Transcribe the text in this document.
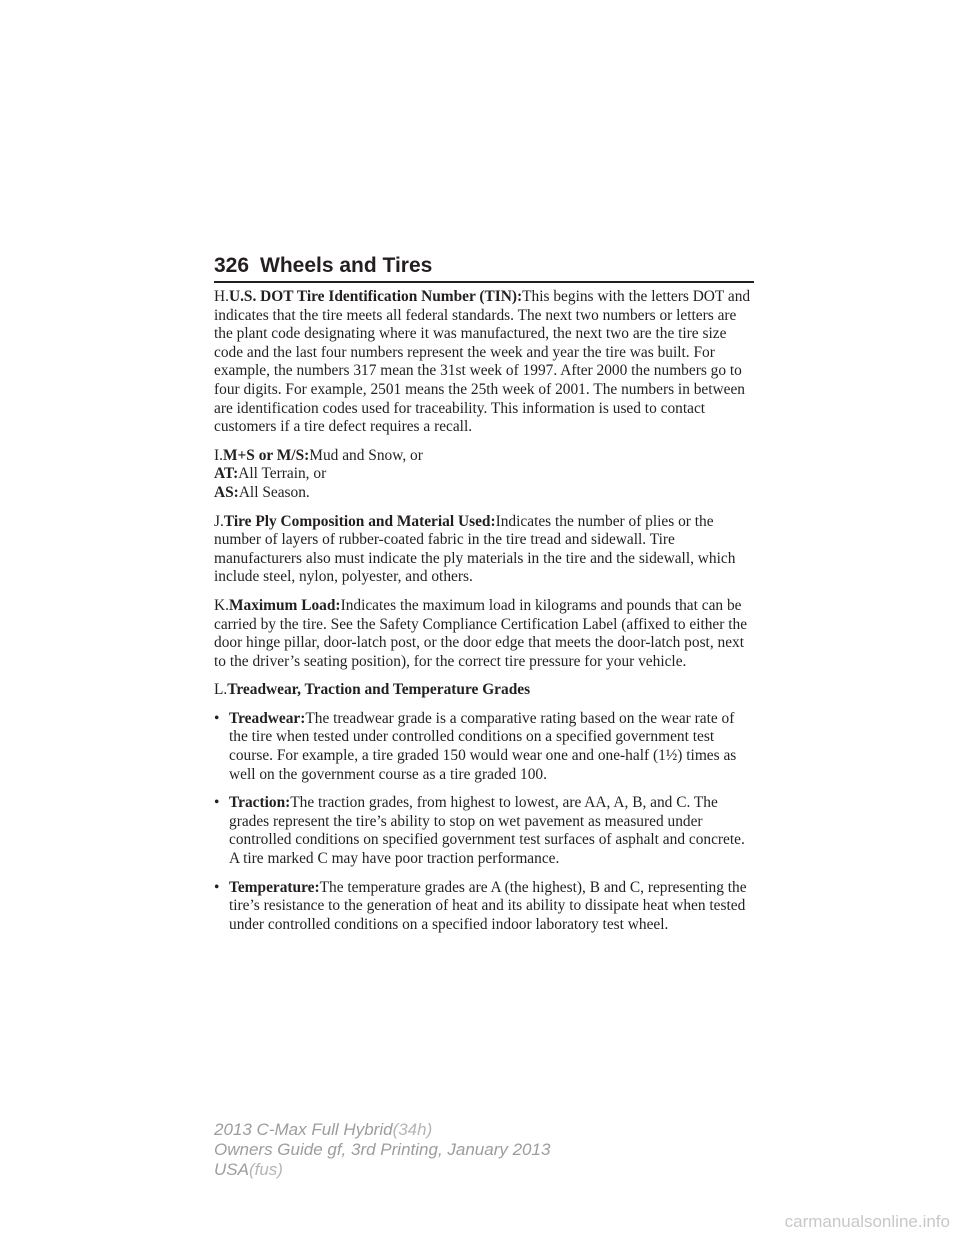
326 Wheels and Tires

H.U.S. DOT Tire Identification Number (TIN):This begins with the letters DOT and indicates that the tire meets all federal standards. The next two numbers or letters are the plant code designating where it was manufactured, the next two are the tire size code and the last four numbers represent the week and year the tire was built. For example, the numbers 317 mean the 31st week of 1997. After 2000 the numbers go to four digits. For example, 2501 means the 25th week of 2001. The numbers in between are identification codes used for traceability. This information is used to contact customers if a tire defect requires a recall.

I.M+S or M/S:Mud and Snow, or
AT:All Terrain, or
AS:All Season.

J.Tire Ply Composition and Material Used:Indicates the number of plies or the number of layers of rubber-coated fabric in the tire tread and sidewall. Tire manufacturers also must indicate the ply materials in the tire and the sidewall, which include steel, nylon, polyester, and others.

K.Maximum Load:Indicates the maximum load in kilograms and pounds that can be carried by the tire. See the Safety Compliance Certification Label (affixed to either the door hinge pillar, door-latch post, or the door edge that meets the door-latch post, next to the driver’s seating position), for the correct tire pressure for your vehicle.

L.Treadwear, Traction and Temperature Grades

• Treadwear:The treadwear grade is a comparative rating based on the wear rate of the tire when tested under controlled conditions on a specified government test course. For example, a tire graded 150 would wear one and one-half (1½) times as well on the government course as a tire graded 100.
• Traction:The traction grades, from highest to lowest, are AA, A, B, and C. The grades represent the tire’s ability to stop on wet pavement as measured under controlled conditions on specified government test surfaces of asphalt and concrete. A tire marked C may have poor traction performance.
• Temperature:The temperature grades are A (the highest), B and C, representing the tire’s resistance to the generation of heat and its ability to dissipate heat when tested under controlled conditions on a specified indoor laboratory test wheel.
2013 C-Max Full Hybrid(34h)
Owners Guide gf, 3rd Printing, January 2013
USA(fus)
carmanualsonline.info
